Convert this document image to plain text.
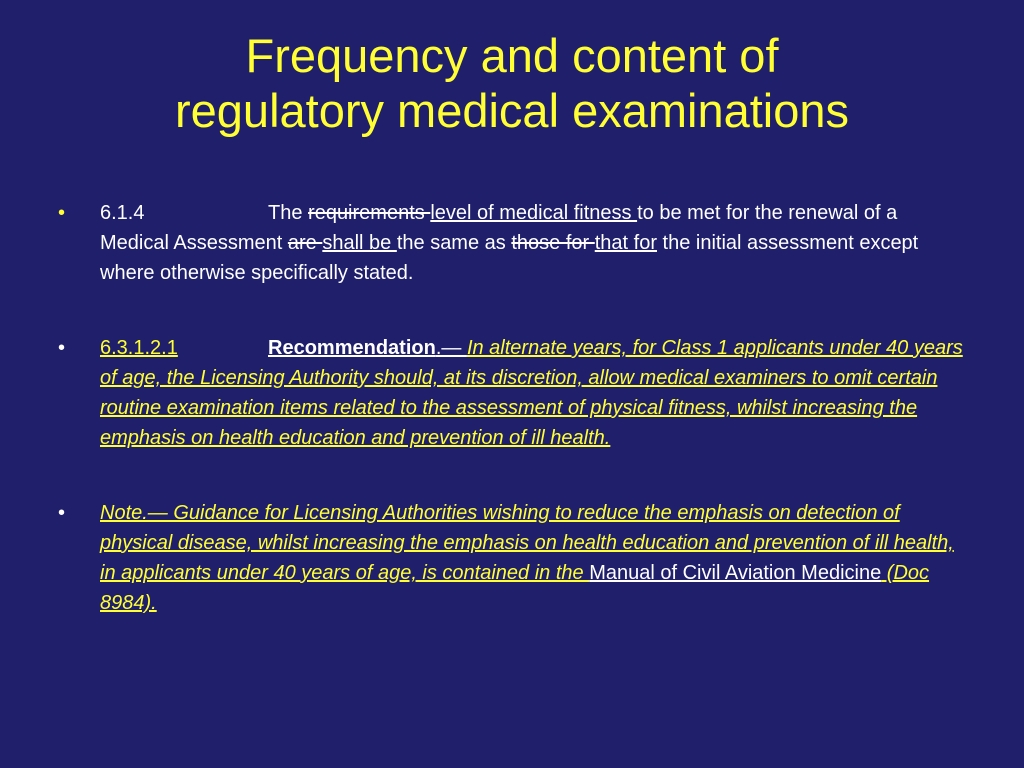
Frequency and content of
regulatory medical examinations
• 6.1.4	The requirements level of medical fitness to be met for the renewal of a Medical Assessment are shall be the same as those for that for the initial assessment except where otherwise specifically stated.
• 6.3.1.2.1	Recommendation.— In alternate years, for Class 1 applicants under 40 years of age, the Licensing Authority should, at its discretion, allow medical examiners to omit certain routine examination items related to the assessment of physical fitness, whilst increasing the emphasis on health education and prevention of ill health.
• Note.— Guidance for Licensing Authorities wishing to reduce the emphasis on detection of physical disease, whilst increasing the emphasis on health education and prevention of ill health, in applicants under 40 years of age, is contained in the Manual of Civil Aviation Medicine (Doc 8984).
